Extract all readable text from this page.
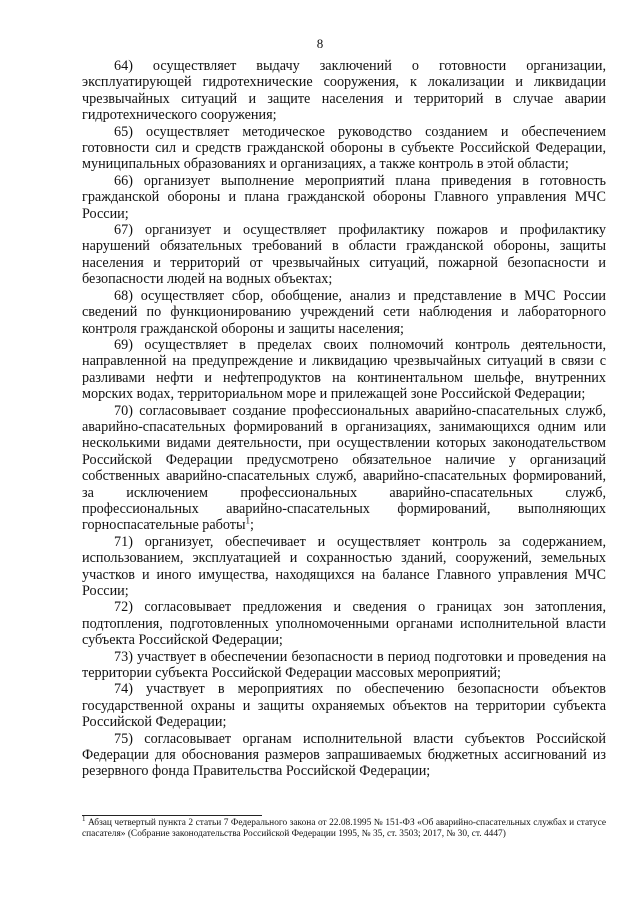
8

64) осуществляет выдачу заключений о готовности организации, эксплуатирующей гидротехнические сооружения, к локализации и ликвидации чрезвычайных ситуаций и защите населения и территорий в случае аварии гидротехнического сооружения;

65) осуществляет методическое руководство созданием и обеспечением готовности сил и средств гражданской обороны в субъекте Российской Федерации, муниципальных образованиях и организациях, а также контроль в этой области;

66) организует выполнение мероприятий плана приведения в готовность гражданской обороны и плана гражданской обороны Главного управления МЧС России;

67) организует и осуществляет профилактику пожаров и профилактику нарушений обязательных требований в области гражданской обороны, защиты населения и территорий от чрезвычайных ситуаций, пожарной безопасности и безопасности людей на водных объектах;

68) осуществляет сбор, обобщение, анализ и представление в МЧС России сведений по функционированию учреждений сети наблюдения и лабораторного контроля гражданской обороны и защиты населения;

69) осуществляет в пределах своих полномочий контроль деятельности, направленной на предупреждение и ликвидацию чрезвычайных ситуаций в связи с разливами нефти и нефтепродуктов на континентальном шельфе, внутренних морских водах, территориальном море и прилежащей зоне Российской Федерации;

70) согласовывает создание профессиональных аварийно-спасательных служб, аварийно-спасательных формирований в организациях, занимающихся одним или несколькими видами деятельности, при осуществлении которых законодательством Российской Федерации предусмотрено обязательное наличие у организаций собственных аварийно-спасательных служб, аварийно-спасательных формирований, за исключением профессиональных аварийно-спасательных служб, профессиональных аварийно-спасательных формирований, выполняющих горноспасательные работы$^1$;

71) организует, обеспечивает и осуществляет контроль за содержанием, использованием, эксплуатацией и сохранностью зданий, сооружений, земельных участков и иного имущества, находящихся на балансе Главного управления МЧС России;

72) согласовывает предложения и сведения о границах зон затопления, подтопления, подготовленных уполномоченными органами исполнительной власти субъекта Российской Федерации;

73) участвует в обеспечении безопасности в период подготовки и проведения на территории субъекта Российской Федерации массовых мероприятий;

74) участвует в мероприятиях по обеспечению безопасности объектов государственной охраны и защиты охраняемых объектов на территории субъекта Российской Федерации;

75) согласовывает органам исполнительной власти субъектов Российской Федерации для обоснования размеров запрашиваемых бюджетных ассигнований из резервного фонда Правительства Российской Федерации;

$^1$ Абзац четвертый пункта 2 статьи 7 Федерального закона от 22.08.1995 № 151-ФЗ «Об аварийно-спасательных службах и статусе спасателя» (Собрание законодательства Российской Федерации 1995, № 35, ст. 3503; 2017, № 30, ст. 4447)
